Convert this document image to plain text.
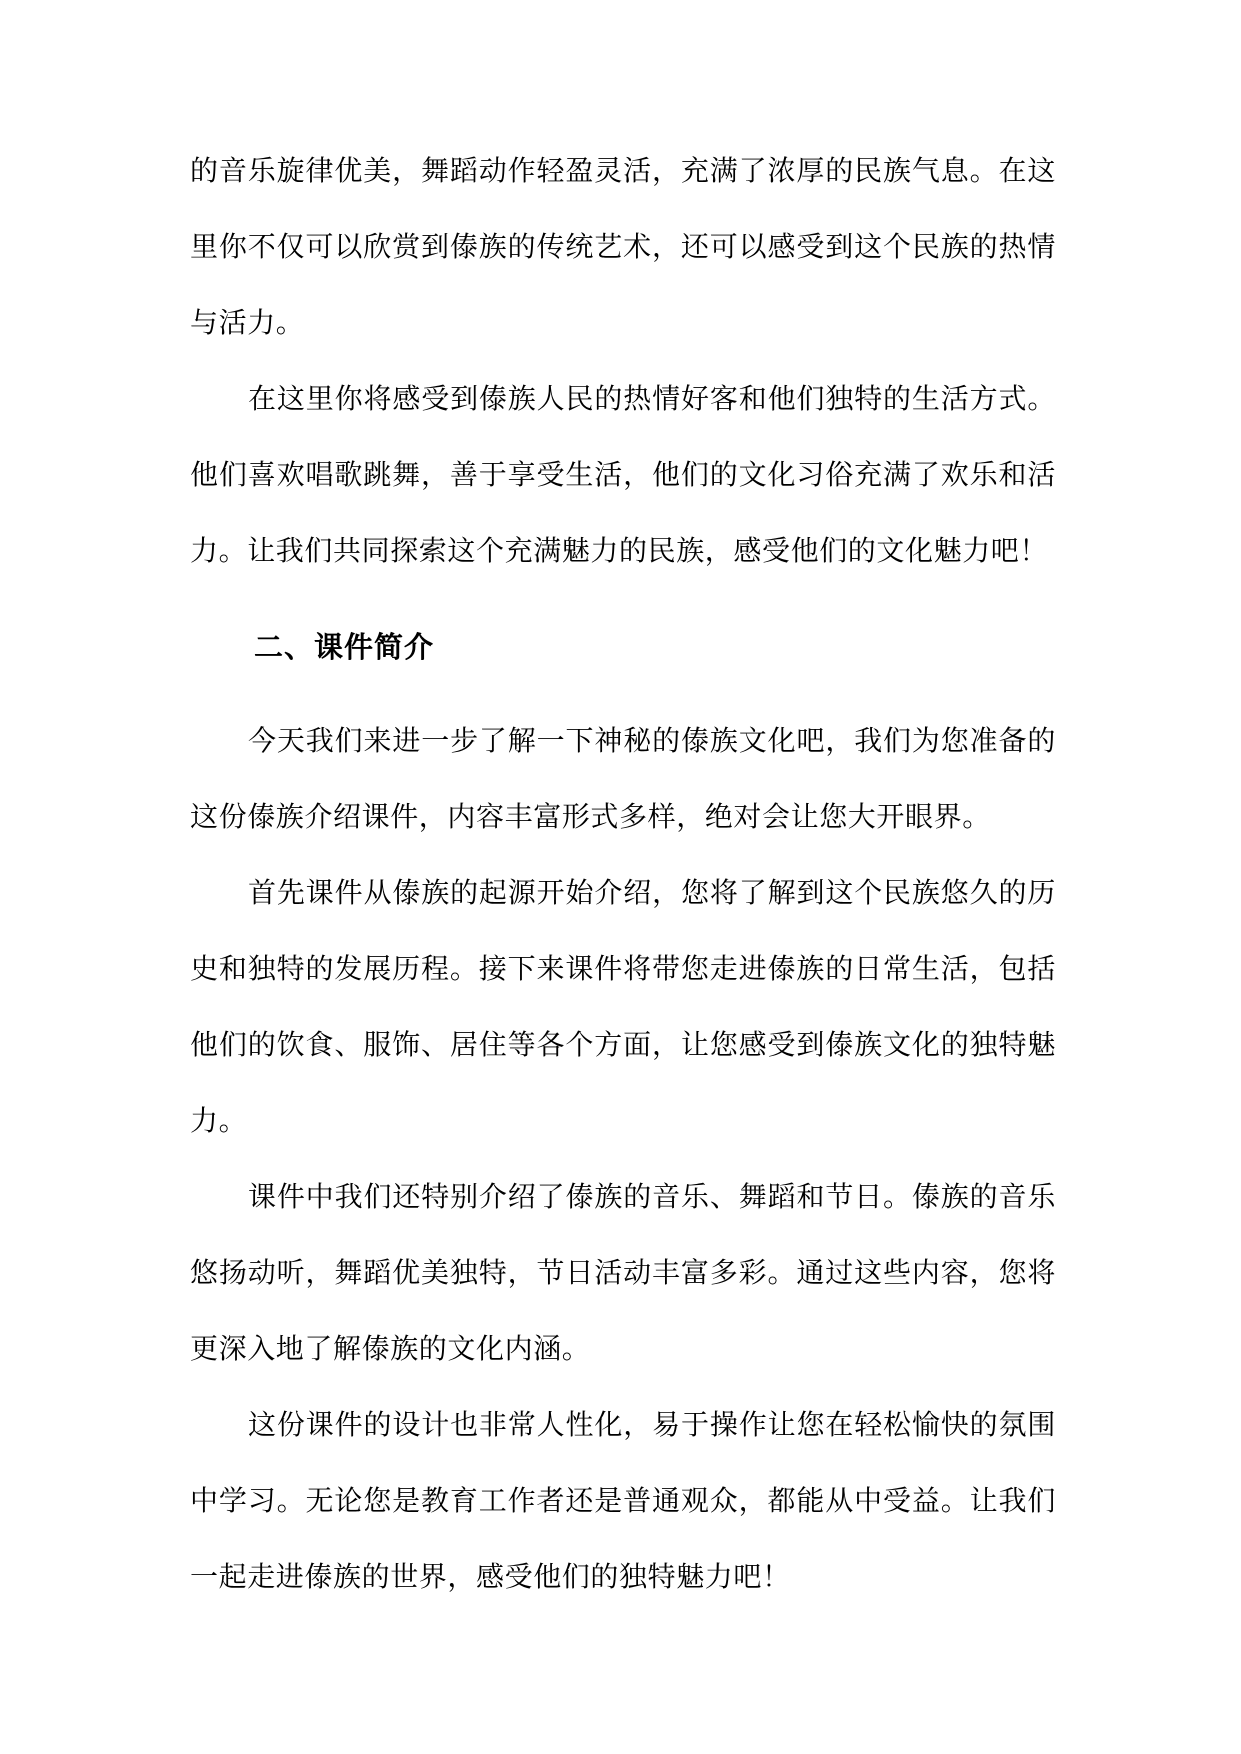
的音乐旋律优美，舞蹈动作轻盈灵活，充满了浓厚的民族气息。在这里你不仅可以欣赏到傣族的传统艺术，还可以感受到这个民族的热情与活力。

在这里你将感受到傣族人民的热情好客和他们独特的生活方式。他们喜欢唱歌跳舞，善于享受生活，他们的文化习俗充满了欢乐和活力。让我们共同探索这个充满魅力的民族，感受他们的文化魅力吧！

二、课件简介

今天我们来进一步了解一下神秘的傣族文化吧，我们为您准备的这份傣族介绍课件，内容丰富形式多样，绝对会让您大开眼界。

首先课件从傣族的起源开始介绍，您将了解到这个民族悠久的历史和独特的发展历程。接下来课件将带您走进傣族的日常生活，包括他们的饮食、服饰、居住等各个方面，让您感受到傣族文化的独特魅力。

课件中我们还特别介绍了傣族的音乐、舞蹈和节日。傣族的音乐悠扬动听，舞蹈优美独特，节日活动丰富多彩。通过这些内容，您将更深入地了解傣族的文化内涵。

这份课件的设计也非常人性化，易于操作让您在轻松愉快的氛围中学习。无论您是教育工作者还是普通观众，都能从中受益。让我们一起走进傣族的世界，感受他们的独特魅力吧！
